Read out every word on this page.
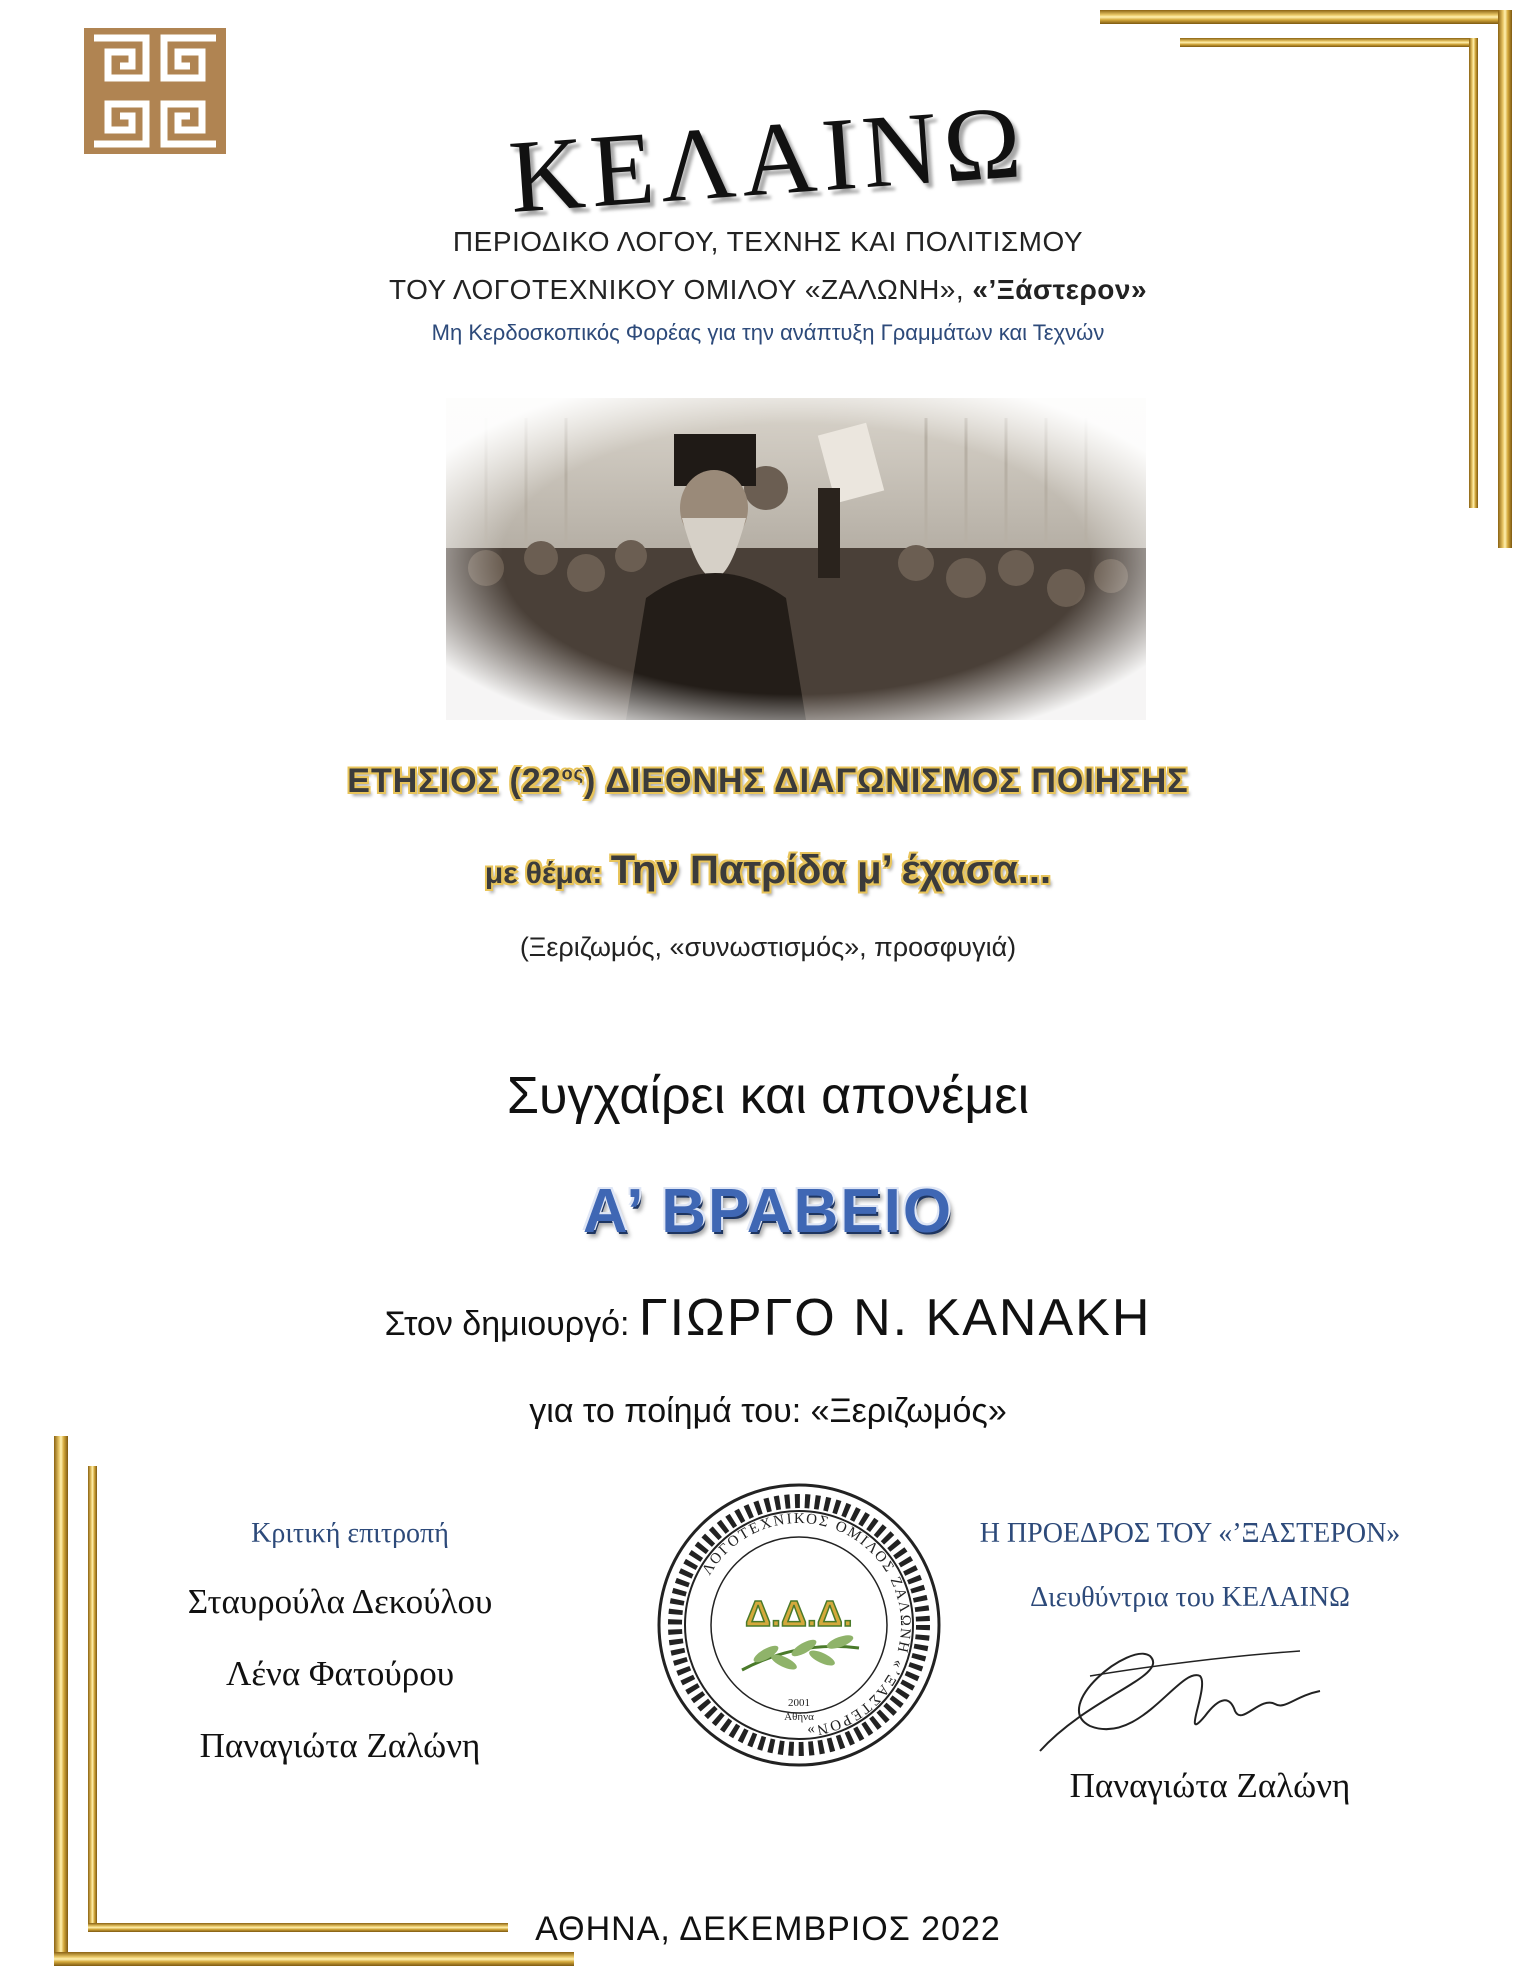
ΚΕΛΑΙΝΩ
ΠΕΡΙΟΔΙΚΟ ΛΟΓΟΥ, ΤΕΧΝΗΣ ΚΑΙ ΠΟΛΙΤΙΣΜΟΥ
ΤΟΥ ΛΟΓΟΤΕΧΝΙΚΟΥ ΟΜΙΛΟΥ «ΖΑΛΩΝΗ», «’Ξάστερον»
Μη Κερδοσκοπικός Φορέας για την ανάπτυξη Γραμμάτων και Τεχνών
ΕΤΗΣΙΟΣ $(22^{o\varsigma})$ ΔΙΕΘΝΗΣ ΔΙΑΓΩΝΙΣΜΟΣ ΠΟΙΗΣΗΣ
με θέμα: Την Πατρίδα μ’ έχασα...
(Ξεριζωμός, «συνωστισμός», προσφυγιά)
Συγχαίρει και απονέμει
Α’ ΒΡΑΒΕΙΟ
Στον δημιουργό: ΓΙΩΡΓΟ Ν. ΚΑΝΑΚΗ
για το ποίημά του: «Ξεριζωμός»
Κριτική επιτροπή
Σταυρούλα Δεκούλου
Λένα Φατούρου
Παναγιώτα Ζαλώνη
ΛΟΓΟΤΕΧΝΙΚΟΣ ΟΜΙΛΟΣ ΖΑΛΩΝΗ «’ΞΑΣΤΕΡΟΝ»
Δ.Δ.Δ.
2001
Αθήνα
Η ΠΡΟΕΔΡΟΣ ΤΟΥ «’ΞΑΣΤΕΡΟΝ»
Διευθύντρια του ΚΕΛΑΙΝΩ
Παναγιώτα Ζαλώνη
ΑΘΗΝΑ, ΔΕΚΕΜΒΡΙΟΣ 2022
